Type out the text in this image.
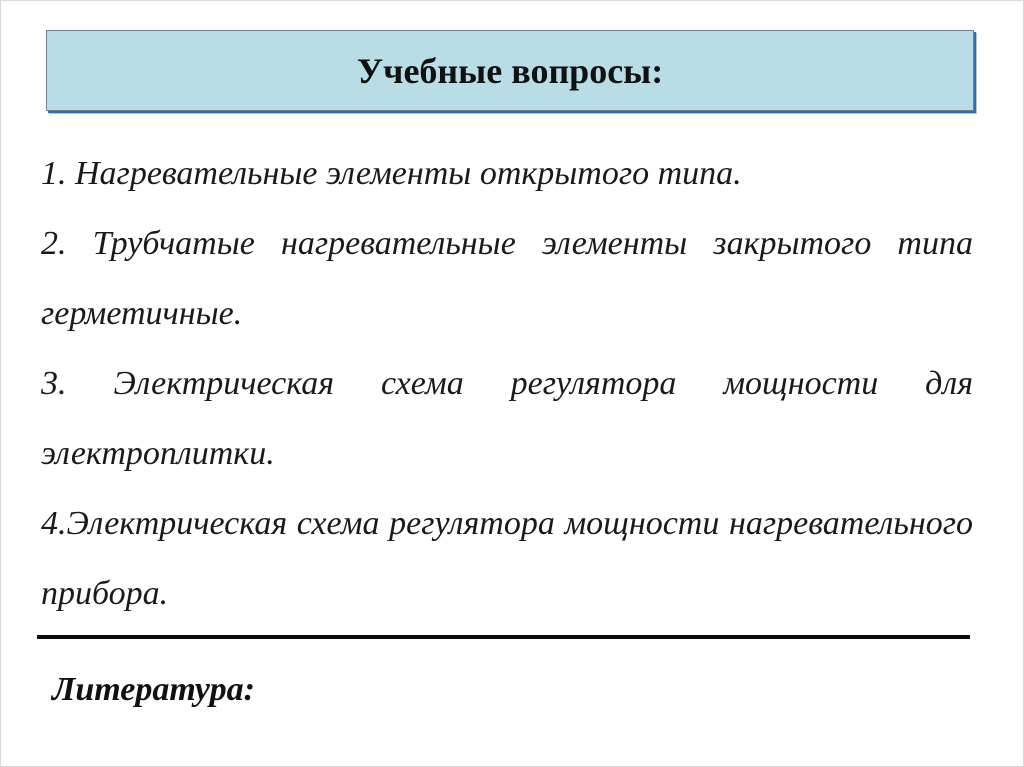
Учебные вопросы:
1. Нагревательные элементы открытого типа.
2. Трубчатые нагревательные элементы закрытого типа герметичные.
3. Электрическая схема регулятора мощности для электроплитки.
4.Электрическая схема регулятора мощности нагревательного прибора.
Литература:
